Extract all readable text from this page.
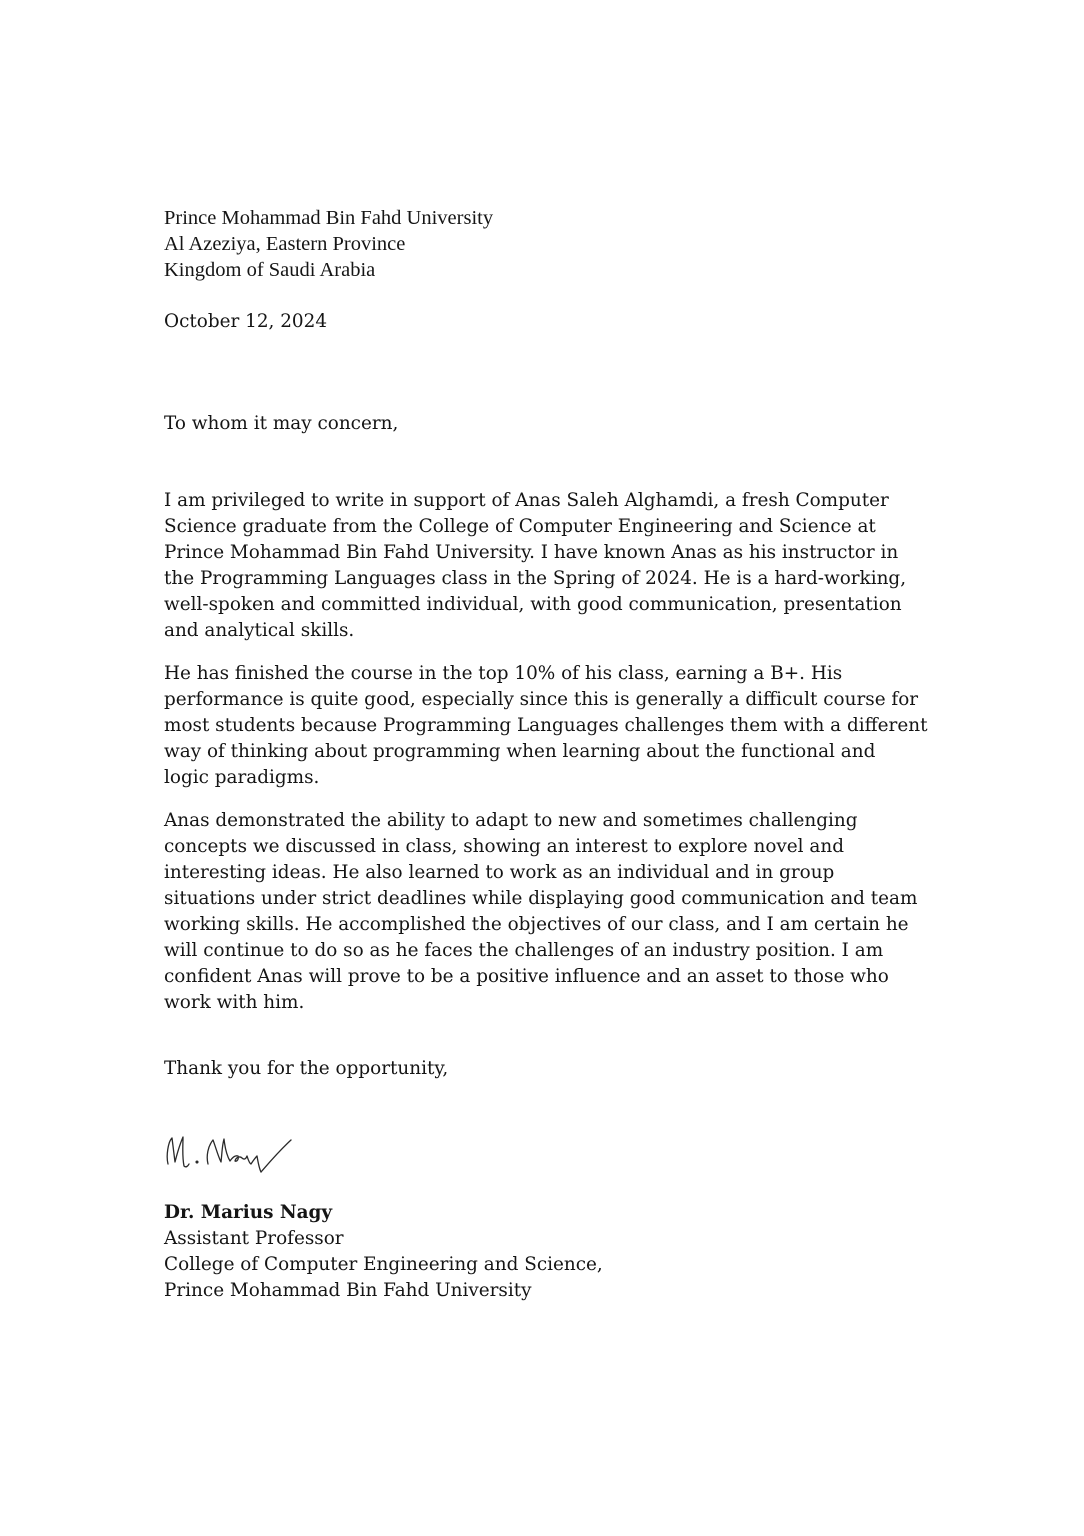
Prince Mohammad Bin Fahd University
Al Azeziya, Eastern Province
Kingdom of Saudi Arabia
October 12, 2024
To whom it may concern,

I am privileged to write in support of Anas Saleh Alghamdi, a fresh Computer
Science graduate from the College of Computer Engineering and Science at
Prince Mohammad Bin Fahd University. I have known Anas as his instructor in
the Programming Languages class in the Spring of 2024. He is a hard-working,
well-spoken and committed individual, with good communication, presentation
and analytical skills.

He has finished the course in the top 10% of his class, earning a B+. His
performance is quite good, especially since this is generally a difficult course for
most students because Programming Languages challenges them with a different
way of thinking about programming when learning about the functional and
logic paradigms.

Anas demonstrated the ability to adapt to new and sometimes challenging
concepts we discussed in class, showing an interest to explore novel and
interesting ideas. He also learned to work as an individual and in group
situations under strict deadlines while displaying good communication and team
working skills. He accomplished the objectives of our class, and I am certain he
will continue to do so as he faces the challenges of an industry position. I am
confident Anas will prove to be a positive influence and an asset to those who
work with him.

Thank you for the opportunity,
Dr. Marius Nagy
Assistant Professor
College of Computer Engineering and Science,
Prince Mohammad Bin Fahd University
